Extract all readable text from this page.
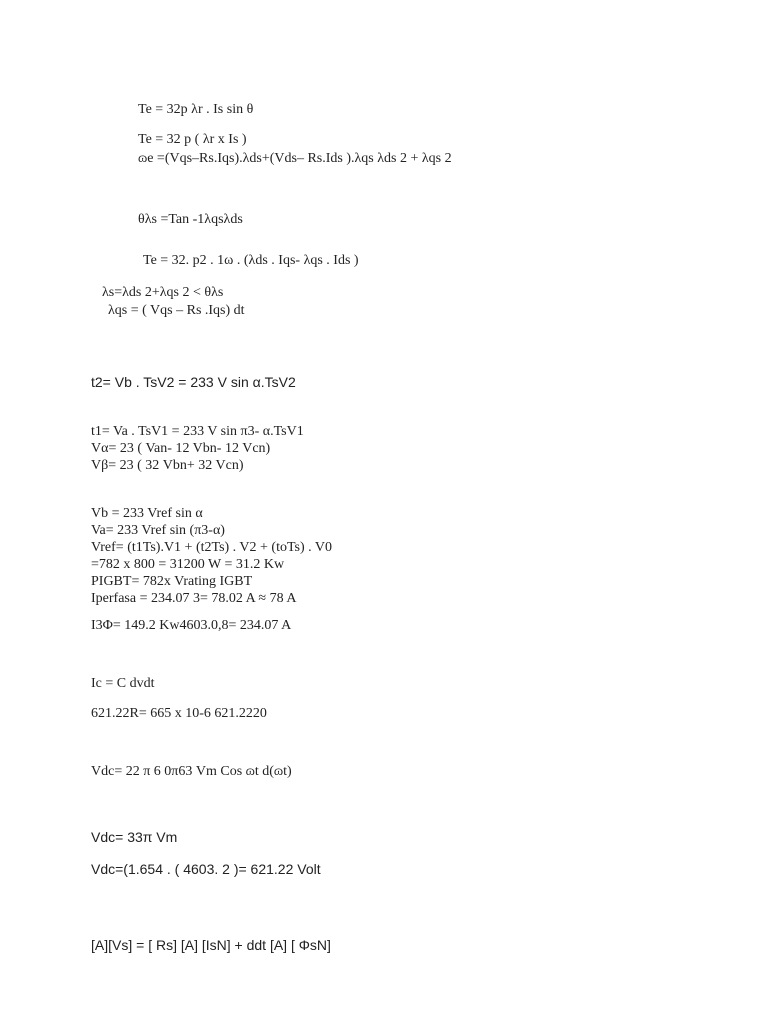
Te = 32p λr . Is sin θ
Te = 32 p ( λr x Is )
ɷe =(Vqs–Rs.Iqs).λds+(Vds– Rs.Ids ).λqs λds 2 + λqs 2
θλs =Tan -1λqsλds
Te = 32. p2 . 1ω . (λds . Iqs- λqs . Ids )
λs=λds 2+λqs 2 < θλs
λqs = ( Vqs – Rs .Iqs) dt
t2= Vb . TsV2 = 233 V sin α.TsV2
t1= Va . TsV1 = 233 V sin π3- α.TsV1
Vα= 23 ( Van- 12 Vbn- 12 Vcn)
Vβ= 23 ( 32 Vbn+ 32 Vcn)
Vb = 233 Vref sin α
Va= 233 Vref sin (π3-α)
Vref= (t1Ts).V1 + (t2Ts) . V2 + (toTs) . V0
=782 x 800 = 31200 W = 31.2 Kw
PIGBT= 782x Vrating IGBT
Iperfasa = 234.07 3= 78.02 A ≈ 78 A
I3Φ= 149.2 Kw4603.0,8= 234.07 A
Ic = C dvdt
621.22R= 665 x 10-6 621.2220
Vdc= 22 π 6 0π63 Vm Cos ɷt d(ɷt)
Vdc= 33π Vm
Vdc=(1.654 . ( 4603. 2 )= 621.22 Volt
[A][Vs] = [ Rs] [A] [IsN] + ddt [A] [ ΦsN]
